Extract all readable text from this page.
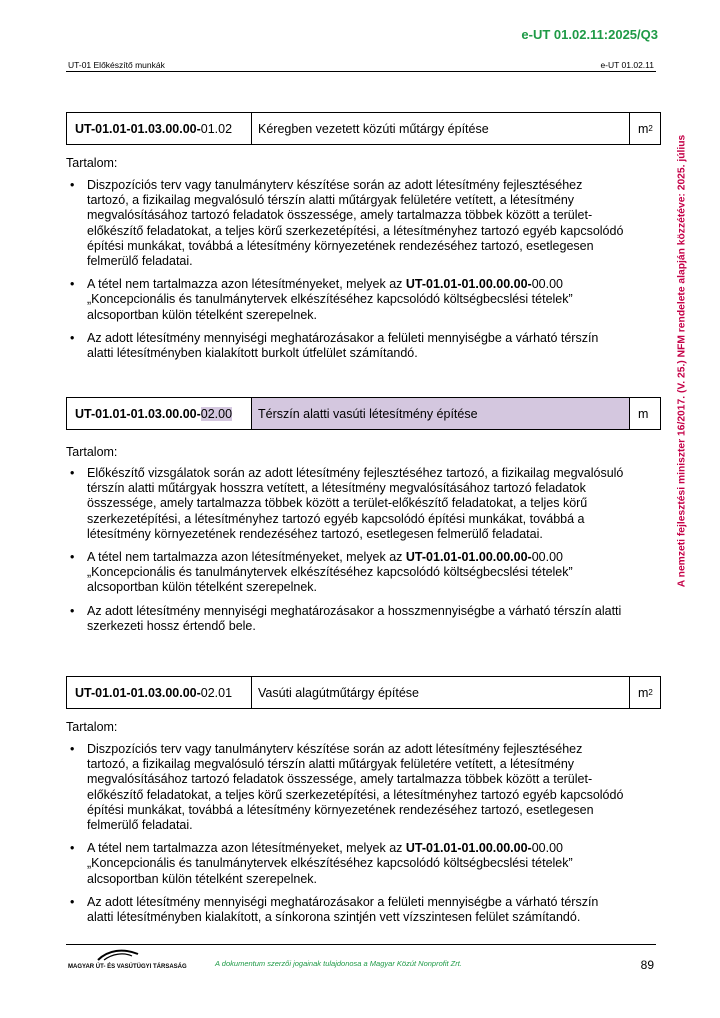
e-UT 01.02.11:2025/Q3
UT-01 Előkészítő munkák	e-UT 01.02.11
A nemzeti fejlesztési miniszter 16/2017. (V. 25.) NFM rendelete alapján közzétéve: 2025. július
UT-01.01-01.03.00.00- 01.02	Kéregben vezetett közúti műtárgy építése	m 2
Tartalom:
• Diszpozíciós terv vagy tanulmányterv készítése során az adott létesítmény fejlesztéséhez tartozó, a fizikailag megvalósuló térszín alatti műtárgyak felületére vetített, a létesítmény megvalósításához tartozó feladatok összessége, amely tartalmazza többek között a terület-előkészítő feladatokat, a teljes körű szerkezetépítési, a létesítményhez tartozó egyéb kapcsolódó építési munkákat, továbbá a létesítmény környezetének rendezéséhez tartozó, esetlegesen felmerülő feladatai.
• A tétel nem tartalmazza azon létesítményeket, melyek az UT-01.01-01.00.00.00-00.00 „Koncepcionális és tanulmánytervek elkészítéséhez kapcsolódó költségbecslési tételek” alcsoportban külön tételként szerepelnek.
• Az adott létesítmény mennyiségi meghatározásakor a felületi mennyiségbe a várható térszín alatti létesítményben kialakított burkolt útfelület számítandó.
UT-01.01-01.03.00.00- 02.00	Térszín alatti vasúti létesítmény építése	m
Tartalom:
• Előkészítő vizsgálatok során az adott létesítmény fejlesztéséhez tartozó, a fizikailag megvalósuló térszín alatti műtárgyak hosszra vetített, a létesítmény megvalósításához tartozó feladatok összessége, amely tartalmazza többek között a terület-előkészítő feladatokat, a teljes körű szerkezetépítési, a létesítményhez tartozó egyéb kapcsolódó építési munkákat, továbbá a létesítmény környezetének rendezéséhez tartozó, esetlegesen felmerülő feladatai.
• A tétel nem tartalmazza azon létesítményeket, melyek az UT-01.01-01.00.00.00-00.00 „Koncepcionális és tanulmánytervek elkészítéséhez kapcsolódó költségbecslési tételek” alcsoportban külön tételként szerepelnek.
• Az adott létesítmény mennyiségi meghatározásakor a hosszmennyiségbe a várható térszín alatti szerkezeti hossz értendő bele.
UT-01.01-01.03.00.00- 02.01	Vasúti alagútműtárgy építése	m 2
Tartalom:
• Diszpozíciós terv vagy tanulmányterv készítése során az adott létesítmény fejlesztéséhez tartozó, a fizikailag megvalósuló térszín alatti műtárgyak felületére vetített, a létesítmény megvalósításához tartozó feladatok összessége, amely tartalmazza többek között a terület-előkészítő feladatokat, a teljes körű szerkezetépítési, a létesítményhez tartozó egyéb kapcsolódó építési munkákat, továbbá a létesítmény környezetének rendezéséhez tartozó, esetlegesen felmerülő feladatai.
• A tétel nem tartalmazza azon létesítményeket, melyek az UT-01.01-01.00.00.00-00.00 „Koncepcionális és tanulmánytervek elkészítéséhez kapcsolódó költségbecslési tételek” alcsoportban külön tételként szerepelnek.
• Az adott létesítmény mennyiségi meghatározásakor a felületi mennyiségbe a várható térszín alatti létesítményben kialakított, a sínkorona szintjén vett vízszintesen felület számítandó.
MAGYAR ÚT- ÉS VASÚTÜGYI TÁRSASÁG	A dokumentum szerzői jogainak tulajdonosa a Magyar Közút Nonprofit Zrt.	89
